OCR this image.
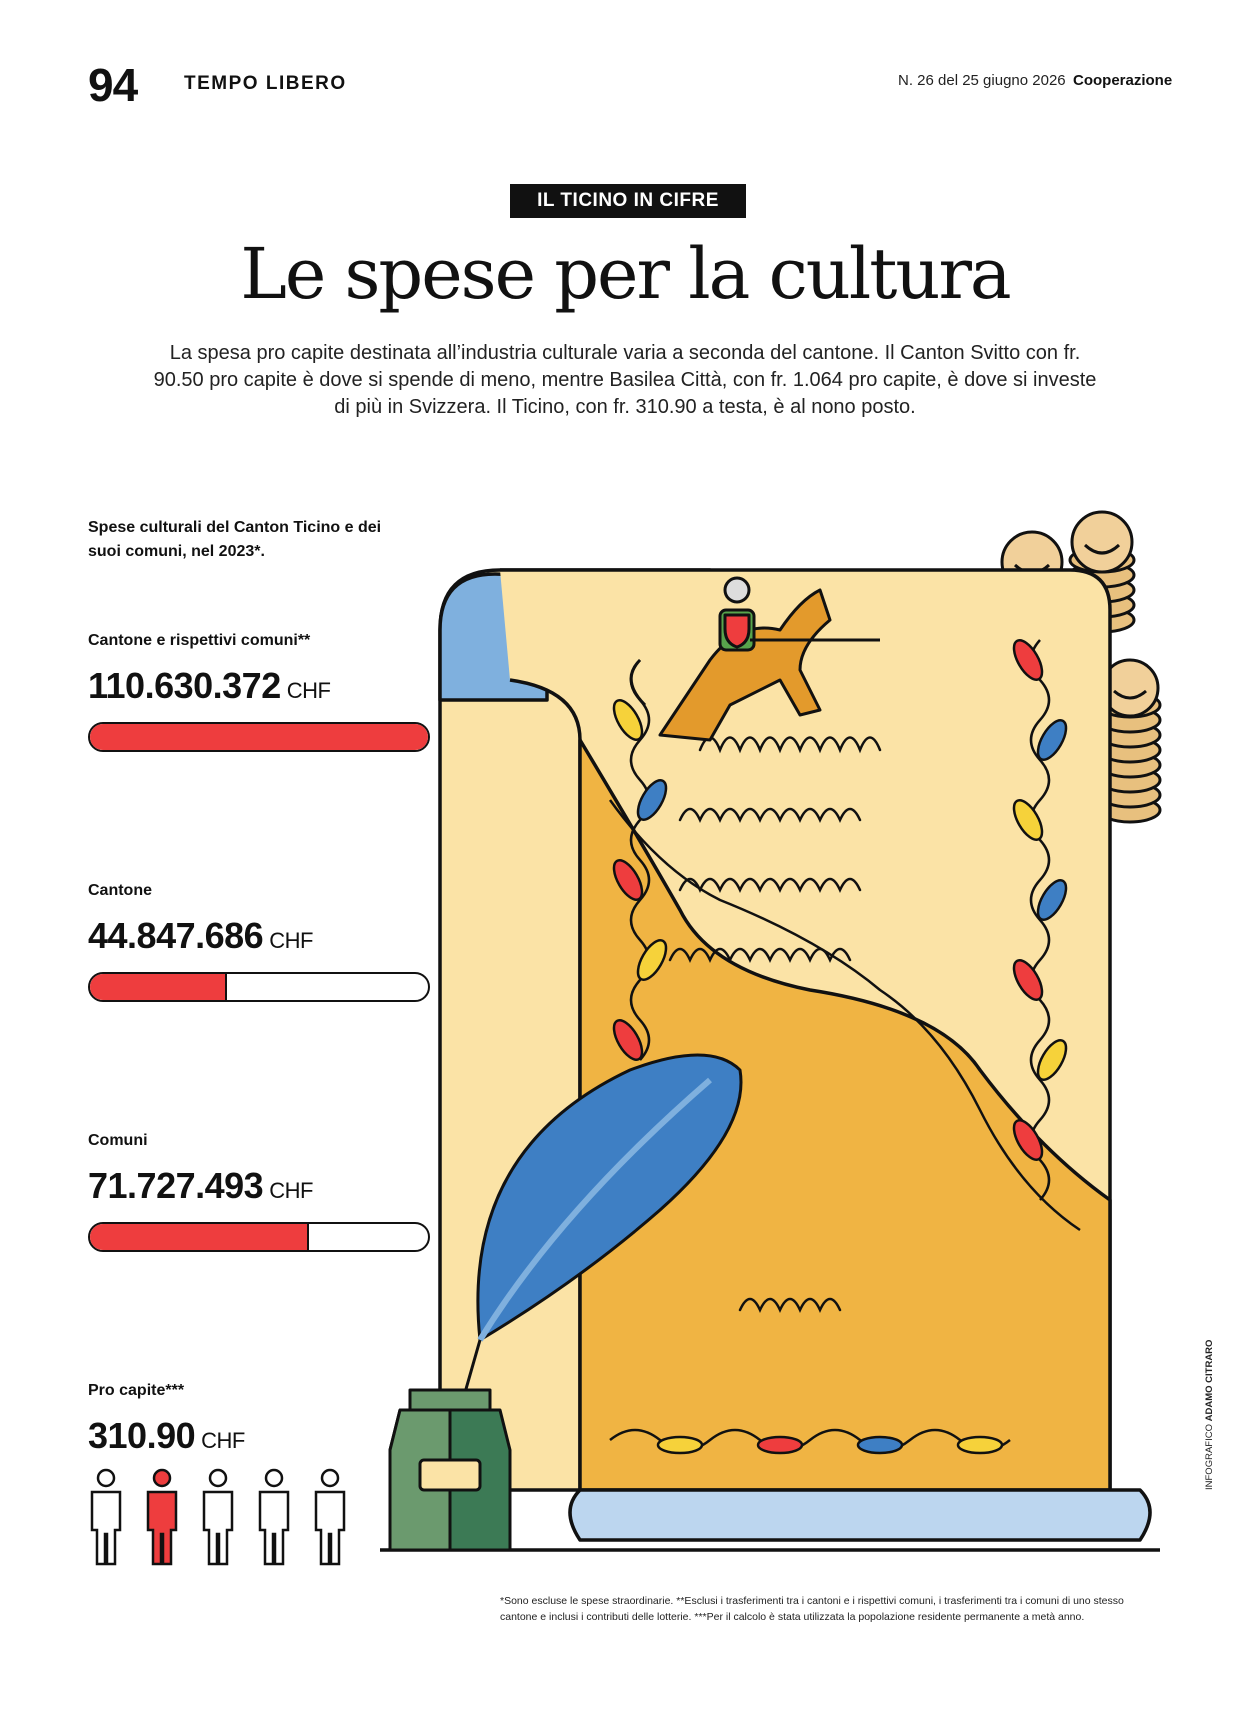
94 TEMPO LIBERO	N. 26 del 25 giugno 2026 Cooperazione
IL TICINO IN CIFRE
Le spese per la cultura
La spesa pro capite destinata all’industria culturale varia a seconda del cantone. Il Canton Svitto con fr. 90.50 pro capite è dove si spende di meno, mentre Basilea Città, con fr. 1.064 pro capite, è dove si investe di più in Svizzera. Il Ticino, con fr. 310.90 a testa, è al nono posto.
Spese culturali del Canton Ticino e dei suoi comuni, nel 2023*.
Cantone e rispettivi comuni**
110.630.372 CHF
Cantone
44.847.686 CHF
Comuni
71.727.493 CHF
Pro capite***
310.90 CHF
*Sono escluse le spese straordinarie. **Esclusi i trasferimenti tra i cantoni e i rispettivi comuni, i trasferimenti tra i comuni di uno stesso cantone e inclusi i contributi delle lotterie. ***Per il calcolo è stata utilizzata la popolazione residente permanente a metà anno.
INFOGRAFICO ADAMO CITRARO
